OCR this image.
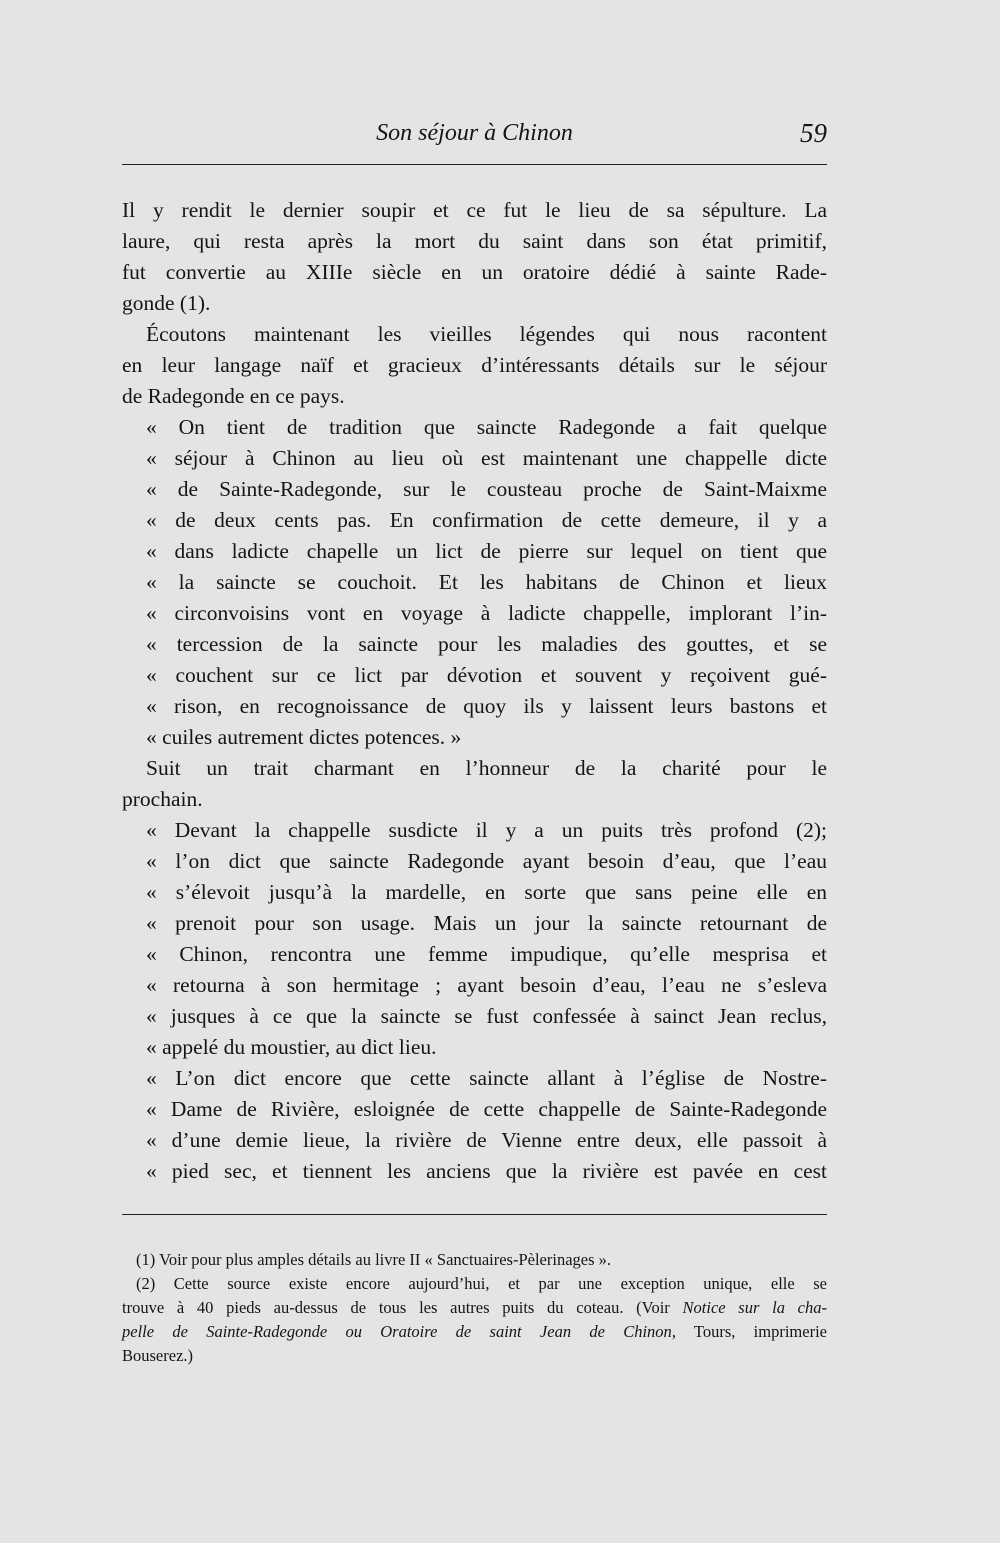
Son séjour à Chinon	59
Il y rendit le dernier soupir et ce fut le lieu de sa sépulture. La
laure, qui resta après la mort du saint dans son état primitif,
fut convertie au XIIIe siècle en un oratoire dédié à sainte Rade-
gonde (1).
Écoutons maintenant les vieilles légendes qui nous racontent
en leur langage naïf et gracieux d’intéressants détails sur le séjour
de Radegonde en ce pays.
« On tient de tradition que saincte Radegonde a fait quelque
« séjour à Chinon au lieu où est maintenant une chappelle dicte
« de Sainte-Radegonde, sur le cousteau proche de Saint-Maixme
« de deux cents pas. En confirmation de cette demeure, il y a
« dans ladicte chapelle un lict de pierre sur lequel on tient que
« la saincte se couchoit. Et les habitans de Chinon et lieux
« circonvoisins vont en voyage à ladicte chappelle, implorant l’in-
« tercession de la saincte pour les maladies des gouttes, et se
« couchent sur ce lict par dévotion et souvent y reçoivent gué-
« rison, en recognoissance de quoy ils y laissent leurs bastons et
« cuiles autrement dictes potences. »
Suit un trait charmant en l’honneur de la charité pour le
prochain.
« Devant la chappelle susdicte il y a un puits très profond (2);
« l’on dict que saincte Radegonde ayant besoin d’eau, que l’eau
« s’élevoit jusqu’à la mardelle, en sorte que sans peine elle en
« prenoit pour son usage. Mais un jour la saincte retournant de
« Chinon, rencontra une femme impudique, qu’elle mesprisa et
« retourna à son hermitage ; ayant besoin d’eau, l’eau ne s’esleva
« jusques à ce que la saincte se fust confessée à sainct Jean reclus,
« appelé du moustier, au dict lieu.
« L’on dict encore que cette saincte allant à l’église de Nostre-
« Dame de Rivière, esloignée de cette chappelle de Sainte-Radegonde
« d’une demie lieue, la rivière de Vienne entre deux, elle passoit à
« pied sec, et tiennent les anciens que la rivière est pavée en cest
(1) Voir pour plus amples détails au livre II « Sanctuaires-Pèlerinages ».
(2) Cette source existe encore aujourd’hui, et par une exception unique, elle se
trouve à 40 pieds au-dessus de tous les autres puits du coteau. (Voir Notice sur la cha-
pelle de Sainte-Radegonde ou Oratoire de saint Jean de Chinon, Tours, imprimerie
Bouserez.)
